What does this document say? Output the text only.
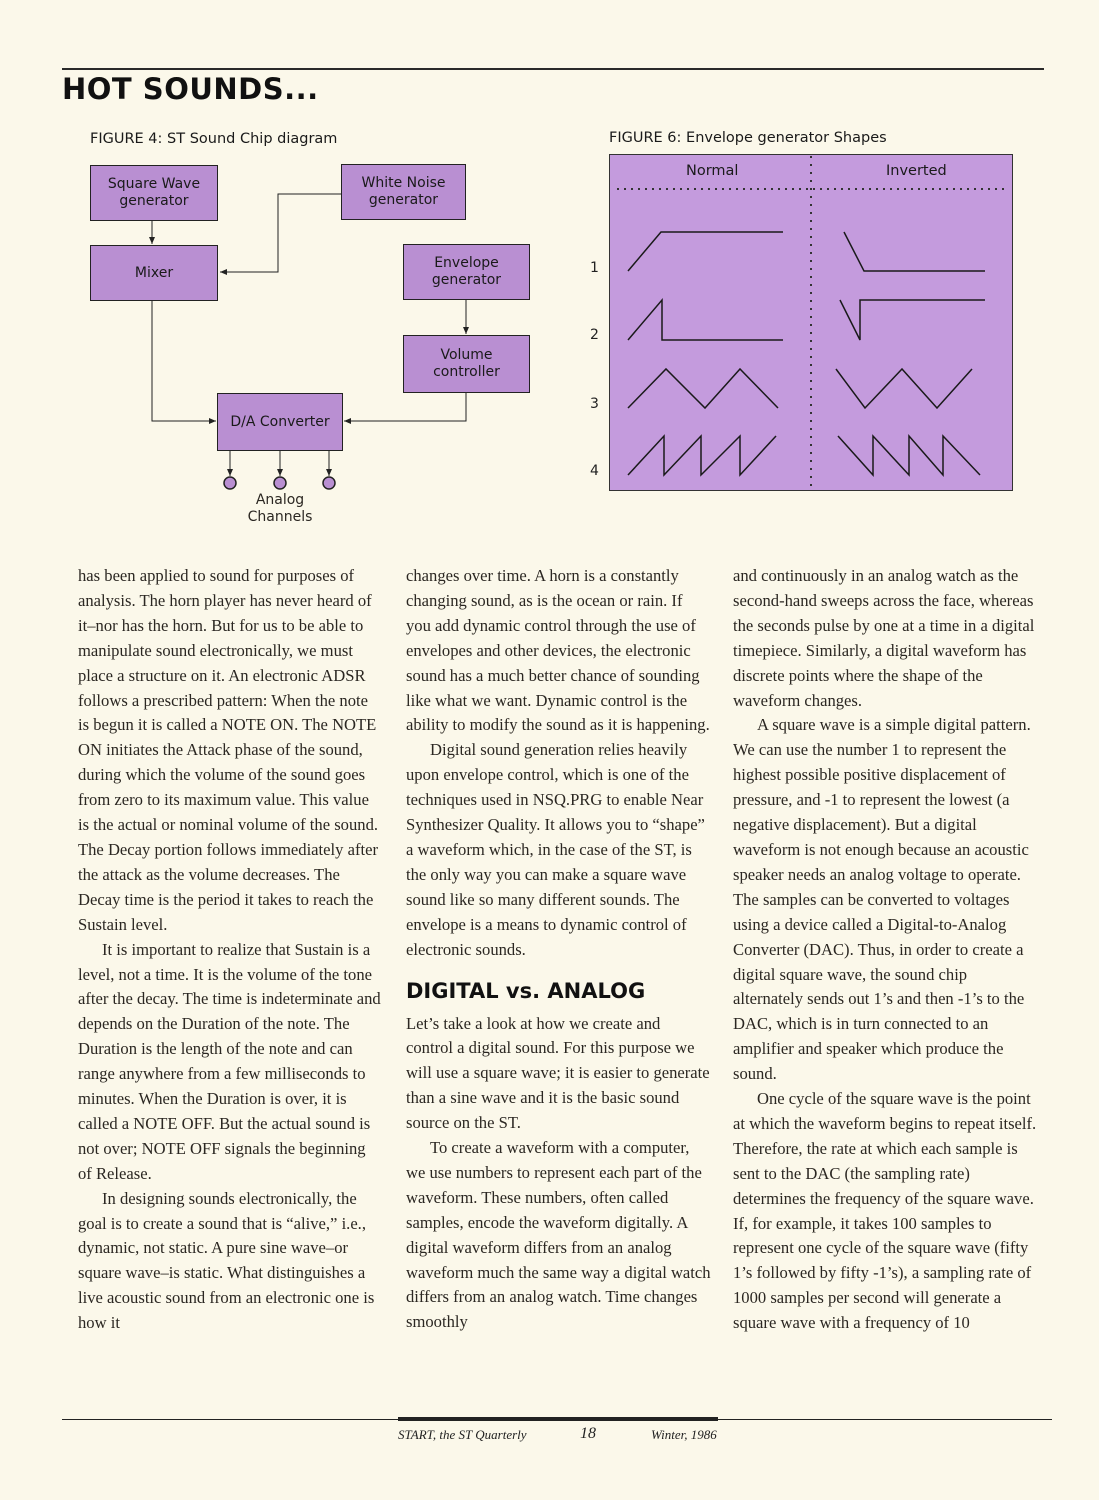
HOT SOUNDS...
FIGURE 4: ST Sound Chip diagram
Square Wave
generator
White Noise
generator
Mixer
Envelope
generator
Volume
controller
D/A Converter
Analog
Channels
FIGURE 6: Envelope generator Shapes
Normal	Inverted
1
2
3
4

has been applied to sound for purposes of analysis. The horn player has never heard of it–nor has the horn. But for us to be able to manipulate sound electronically, we must place a structure on it. An electronic ADSR follows a prescribed pattern: When the note is begun it is called a NOTE ON. The NOTE ON initiates the Attack phase of the sound, during which the volume of the sound goes from zero to its maximum value. This value is the actual or nominal volume of the sound. The Decay portion follows immediately after the attack as the volume decreases. The Decay time is the period it takes to reach the Sustain level.

It is important to realize that Sustain is a level, not a time. It is the volume of the tone after the decay. The time is indeterminate and depends on the Duration of the note. The Duration is the length of the note and can range anywhere from a few milliseconds to minutes. When the Duration is over, it is called a NOTE OFF. But the actual sound is not over; NOTE OFF signals the beginning of Release.

In designing sounds electronically, the goal is to create a sound that is “alive,” i.e., dynamic, not static. A pure sine wave–or square wave–is static. What distinguishes a live acoustic sound from an electronic one is how it

changes over time. A horn is a constantly changing sound, as is the ocean or rain. If you add dynamic control through the use of envelopes and other devices, the electronic sound has a much better chance of sounding like what we want. Dynamic control is the ability to modify the sound as it is happening.

Digital sound generation relies heavily upon envelope control, which is one of the techniques used in NSQ.PRG to enable Near Synthesizer Quality. It allows you to “shape” a waveform which, in the case of the ST, is the only way you can make a square wave sound like so many different sounds. The envelope is a means to dynamic control of electronic sounds.

DIGITAL vs. ANALOG

Let’s take a look at how we create and control a digital sound. For this purpose we will use a square wave; it is easier to generate than a sine wave and it is the basic sound source on the ST.

To create a waveform with a computer, we use numbers to represent each part of the waveform. These numbers, often called samples, encode the waveform digitally. A digital waveform differs from an analog waveform much the same way a digital watch differs from an analog watch. Time changes smoothly

and continuously in an analog watch as the second-hand sweeps across the face, whereas the seconds pulse by one at a time in a digital timepiece. Similarly, a digital waveform has discrete points where the shape of the waveform changes.

A square wave is a simple digital pattern. We can use the number 1 to represent the highest possible positive displacement of pressure, and -1 to represent the lowest (a negative displacement). But a digital waveform is not enough because an acoustic speaker needs an analog voltage to operate. The samples can be converted to voltages using a device called a Digital-to-Analog Converter (DAC). Thus, in order to create a digital square wave, the sound chip alternately sends out 1’s and then -1’s to the DAC, which is in turn connected to an amplifier and speaker which produce the sound.

One cycle of the square wave is the point at which the waveform begins to repeat itself. Therefore, the rate at which each sample is sent to the DAC (the sampling rate) determines the frequency of the square wave. If, for example, it takes 100 samples to represent one cycle of the square wave (fifty 1’s followed by fifty -1’s), a sampling rate of 1000 samples per second will generate a square wave with a frequency of 10

START, the ST Quarterly	18	Winter, 1986
